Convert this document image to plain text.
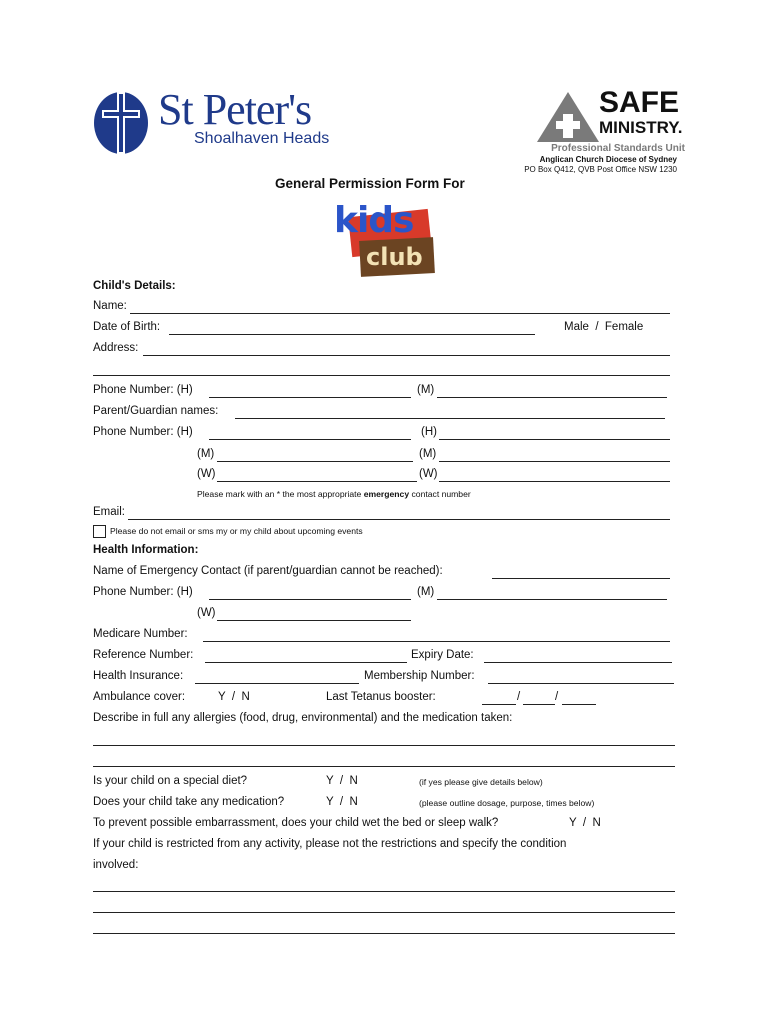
St Peter's
Shoalhaven Heads
SAFE
MINISTRY.
Professional Standards Unit
Anglican Church Diocese of Sydney
PO Box Q412, QVB Post Office NSW 1230
General Permission Form For
kids
club
Child's Details:
Name:
Date of Birth:	Male  /  Female
Address:
Phone Number: (H)	(M)
Parent/Guardian names:
Phone Number: (H)	(H)
(M)	(M)
(W)	(W)
Please mark with an * the most appropriate emergency contact number
Email:
Please do not email or sms my or my child about upcoming events
Health Information:
Name of Emergency Contact (if parent/guardian cannot be reached):
Phone Number: (H)	(M)
(W)
Medicare Number:
Reference Number:	Expiry Date:
Health Insurance:	Membership Number:
Ambulance cover:	Y  /  N	Last Tetanus booster:	/	/
Describe in full any allergies (food, drug, environmental) and the medication taken:
Is your child on a special diet?	Y  /  N	(if yes please give details below)
Does your child take any medication?	Y  /  N	(please outline dosage, purpose, times below)
To prevent possible embarrassment, does your child wet the bed or sleep walk?	Y  /  N
If your child is restricted from any activity, please not the restrictions and specify the condition
involved:
